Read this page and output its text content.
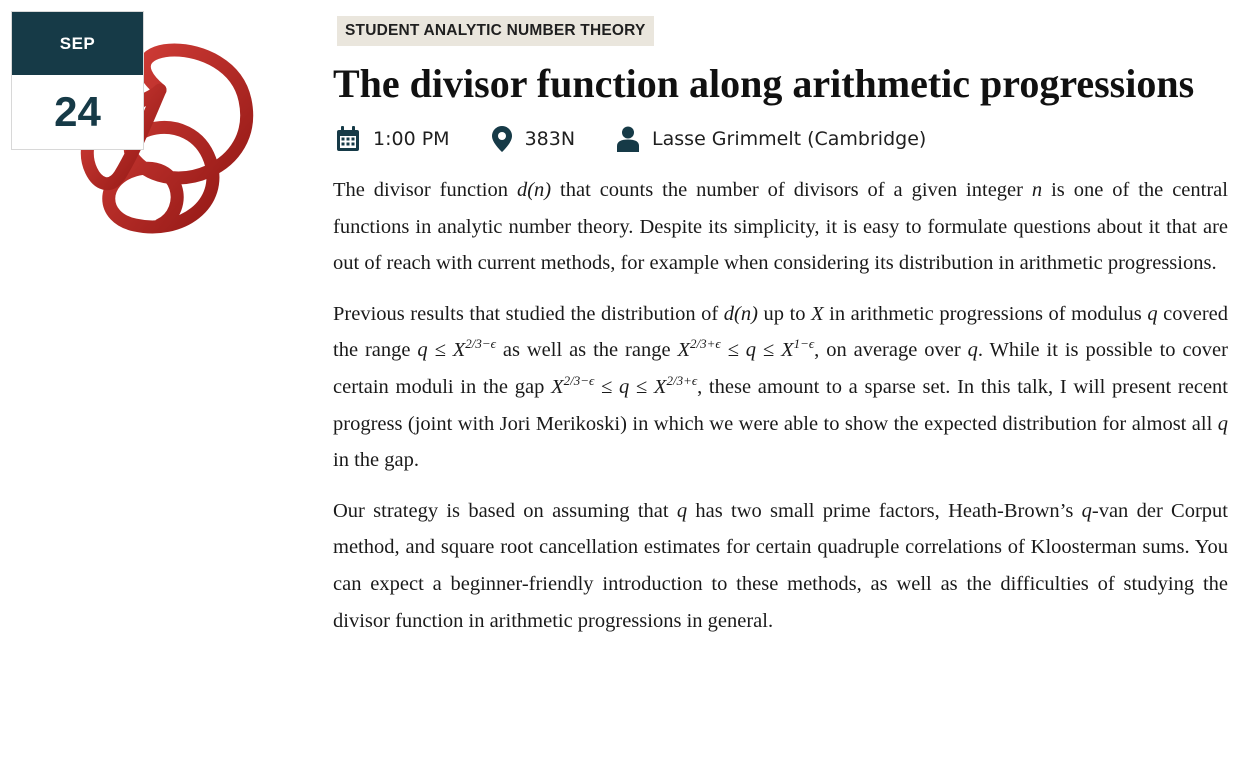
SEP
24
STUDENT ANALYTIC NUMBER THEORY
The divisor function along arithmetic progressions
1:00 PM	383N	Lasse Grimmelt (Cambridge)

The divisor function d(n) that counts the number of divisors of a given integer n is one of the central functions in analytic number theory. Despite its simplicity, it is easy to formulate questions about it that are out of reach with current methods, for example when considering its distribution in arithmetic progressions.

Previous results that studied the distribution of d(n) up to X in arithmetic progressions of modulus q covered the range $q \le X^{2/3-\epsilon}$ as well as the range $X^{2/3+\epsilon} \le q \le X^{1-\epsilon}$, on average over q. While it is possible to cover certain moduli in the gap $X^{2/3-\epsilon} \le q \le X^{2/3+\epsilon}$, these amount to a sparse set. In this talk, I will present recent progress (joint with Jori Merikoski) in which we were able to show the expected distribution for almost all q in the gap.

Our strategy is based on assuming that q has two small prime factors, Heath-Brown’s q-van der Corput method, and square root cancellation estimates for certain quadruple correlations of Kloosterman sums. You can expect a beginner-friendly introduction to these methods, as well as the difficulties of studying the divisor function in arithmetic progressions in general.
